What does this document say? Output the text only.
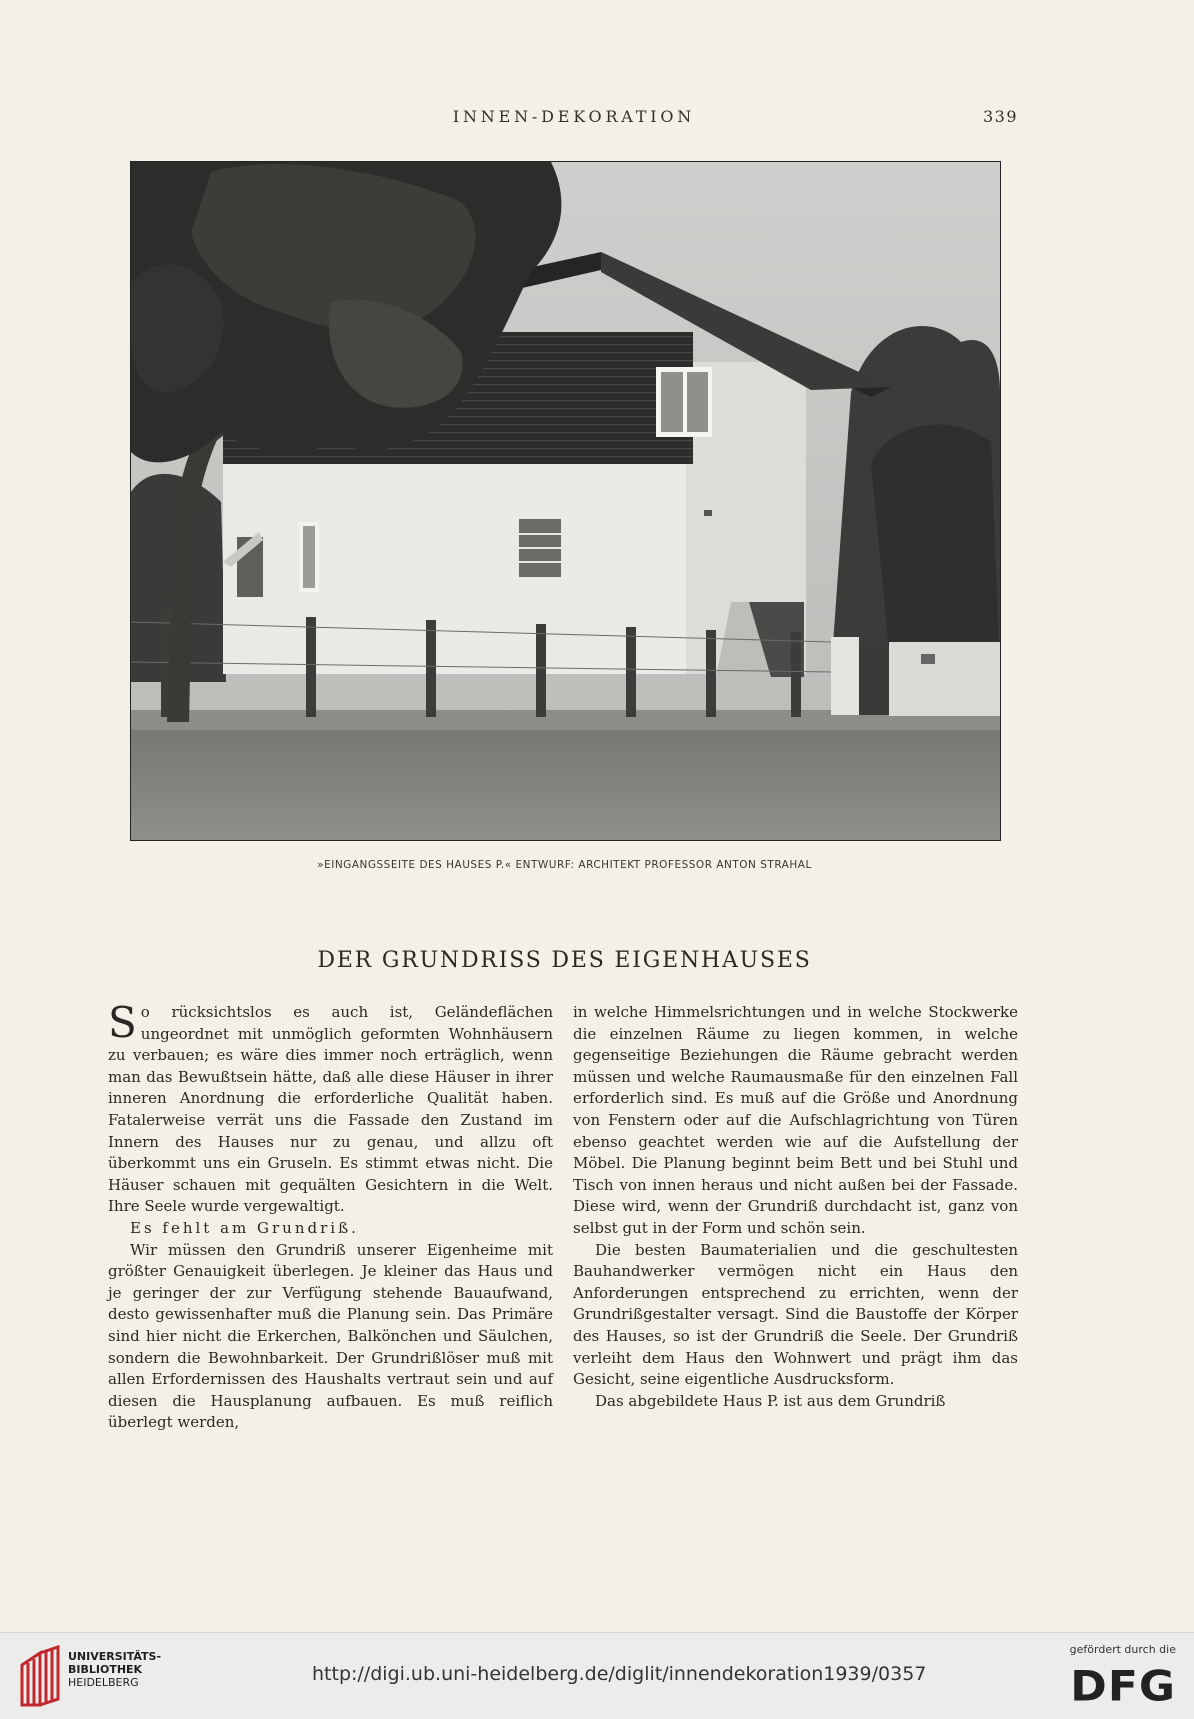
INNEN-DEKORATION	339
»EINGANGSSEITE DES HAUSES P.« ENTWURF: ARCHITEKT PROFESSOR ANTON STRAHAL
DER GRUNDRISS DES EIGENHAUSES

So rücksichtslos es auch ist, Geländeflächen ungeordnet mit unmöglich geformten Wohnhäusern zu verbauen; es wäre dies immer noch erträglich, wenn man das Bewußtsein hätte, daß alle diese Häuser in ihrer inneren Anordnung die erforderliche Qualität haben. Fatalerweise verrät uns die Fassade den Zustand im Innern des Hauses nur zu genau, und allzu oft überkommt uns ein Gruseln. Es stimmt etwas nicht. Die Häuser schauen mit gequälten Gesichtern in die Welt. Ihre Seele wurde vergewaltigt.

Es fehlt am Grundriß.

Wir müssen den Grundriß unserer Eigenheime mit größter Genauigkeit überlegen. Je kleiner das Haus und je geringer der zur Verfügung stehende Bauaufwand, desto gewissenhafter muß die Planung sein. Das Primäre sind hier nicht die Erkerchen, Balkönchen und Säulchen, sondern die Bewohnbarkeit. Der Grundrißlöser muß mit allen Erfordernissen des Haushalts vertraut sein und auf diesen die Hausplanung aufbauen. Es muß reiflich überlegt werden,

in welche Himmelsrichtungen und in welche Stockwerke die einzelnen Räume zu liegen kommen, in welche gegenseitige Beziehungen die Räume gebracht werden müssen und welche Raumausmaße für den einzelnen Fall erforderlich sind. Es muß auf die Größe und Anordnung von Fenstern oder auf die Aufschlagrichtung von Türen ebenso geachtet werden wie auf die Aufstellung der Möbel. Die Planung beginnt beim Bett und bei Stuhl und Tisch von innen heraus und nicht außen bei der Fassade. Diese wird, wenn der Grundriß durchdacht ist, ganz von selbst gut in der Form und schön sein.

Die besten Baumaterialien und die geschultesten Bauhandwerker vermögen nicht ein Haus den Anforderungen entsprechend zu errichten, wenn der Grundrißgestalter versagt. Sind die Baustoffe der Körper des Hauses, so ist der Grundriß die Seele. Der Grundriß verleiht dem Haus den Wohnwert und prägt ihm das Gesicht, seine eigentliche Ausdrucksform.

Das abgebildete Haus P. ist aus dem Grundriß

UNIVERSITÄTS-
BIBLIOTHEK
HEIDELBERG	http://digi.ub.uni-heidelberg.de/diglit/innendekoration1939/0357
gefördert durch die
DFG
